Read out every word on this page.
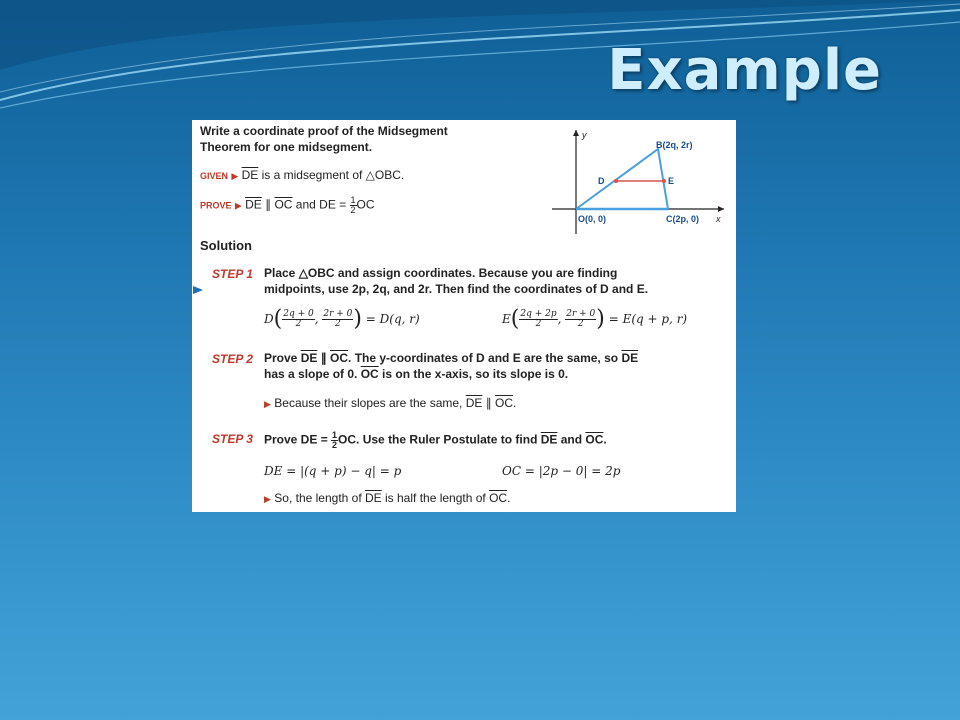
Example
Write a coordinate proof of the Midsegment
Theorem for one midsegment.
GIVEN ▶ $\overline{DE}$ is a midsegment of △OBC.
PROVE ▶ $\overline{DE}$ ∥ $\overline{OC}$ and DE = $\frac{1}{2}$ OC
Solution
STEP 1 Place △OBC and assign coordinates. Because you are finding
midpoints, use 2p, 2q, and 2r. Then find the coordinates of D and E.
$D( \frac{2q + 0}{2}$ , $\frac{2r + 0}{2}$ ) = D(q, r)	$E( \frac{2q + 2p}{2}$ , $\frac{2r + 0}{2}$ ) = E(q + p, r)
STEP 2 Prove $\overline{DE}$ ∥ $\overline{OC}$. The y-coordinates of D and E are the same, so $\overline{DE}$
has a slope of 0. $\overline{OC}$ is on the x-axis, so its slope is 0.
▶ Because their slopes are the same, $\overline{DE}$ ∥ $\overline{OC}$.
STEP 3 Prove DE = $\frac{1}{2}$ OC. Use the Ruler Postulate to find $\overline{DE}$ and $\overline{OC}$.
DE = |(q + p) − q| = p	OC = |2p − 0| = 2p
▶ So, the length of $\overline{DE}$ is half the length of $\overline{OC}$.
y
x
B(2q, 2r)
D	E
O(0, 0)	C(2p, 0)
